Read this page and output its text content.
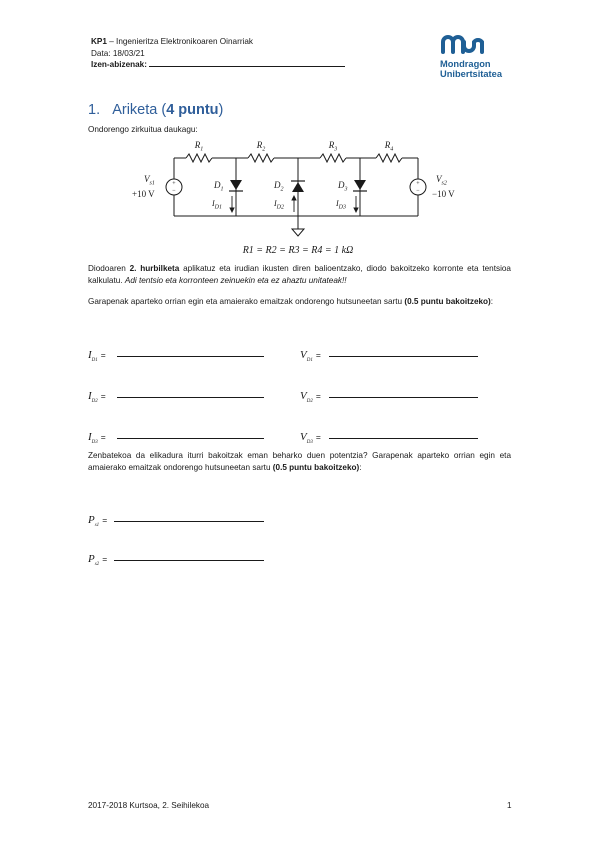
KP1 – Ingenieritza Elektronikoaren Oinarriak
Data: 18/03/21
Izen-abizenak:	Mondragon
Unibertsitatea
1. Ariketa (4 puntu)
Ondorengo zirkuitua daukagu:
+
−
+
−
$R_1$	$R_2$	$R_3$	$R_4$
$V_{s1}$	$V_{s2}$
$D_1$	$D_2$	$D_3$
$I_{D1}$	$I_{D2}$	$I_{D3}$
+10 V	−10 V
R1 = R2 = R3 = R4 = 1 kΩ
Diodoaren 2. hurbilketa aplikatuz eta irudian ikusten diren balioentzako, diodo bakoitzeko korronte eta tentsioa kalkulatu. Adi tentsio eta korronteen zeinuekin eta ez ahaztu unitateak!!
Garapenak aparteko orrian egin eta amaierako emaitzak ondorengo hutsuneetan sartu (0.5 puntu bakoitzeko):
$I_{D1}=$	$V_{D1}=$
$I_{D2}=$	$V_{D2}=$
$I_{D3}=$	$V_{D3}=$
Zenbatekoa da elikadura iturri bakoitzak eman beharko duen potentzia? Garapenak aparteko orrian egin eta amaierako emaitzak ondorengo hutsuneetan sartu (0.5 puntu bakoitzeko):
$P_{s1}=$
$P_{s2}=$
2017-2018 Kurtsoa, 2. Seihilekoa	1
